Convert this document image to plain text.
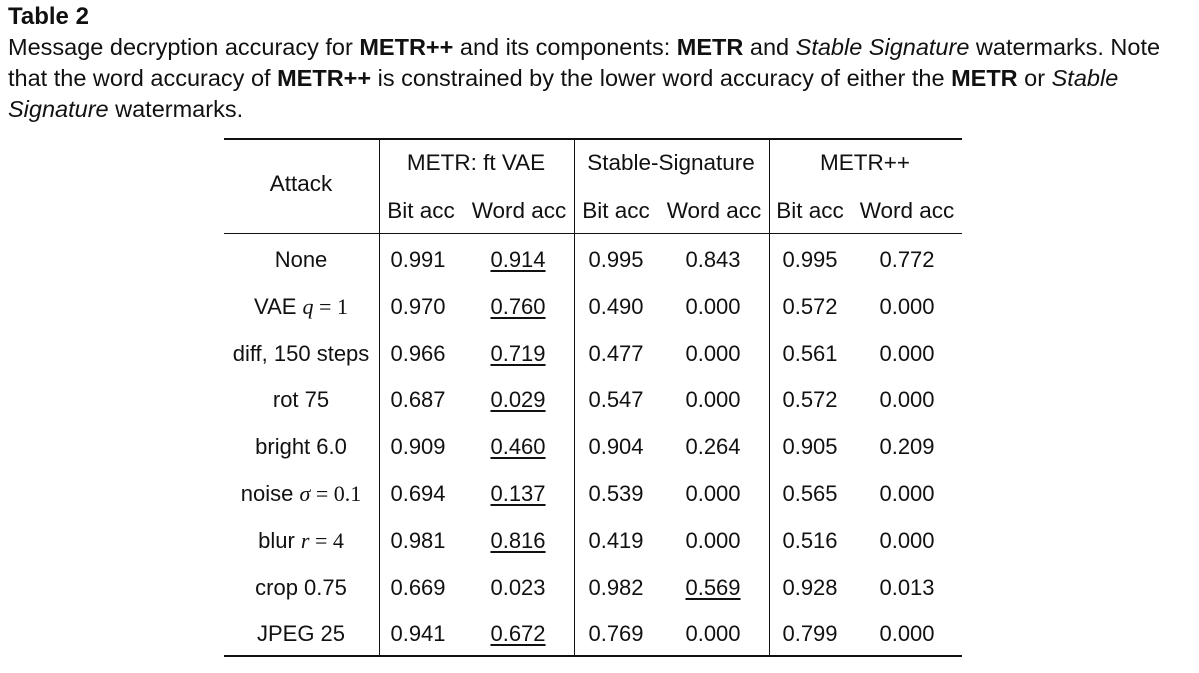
Table 2
Message decryption accuracy for METR++ and its components: METR and Stable Signature watermarks. Note that the word accuracy of METR++ is constrained by the lower word accuracy of either the METR or Stable Signature watermarks.
Attack
METR: ft VAE Stable-Signature	METR++
Bit acc Word acc Bit acc Word acc Bit acc Word acc
None	0.991 0.914 0.995 0.843 0.995 0.772
VAE q = 1 0.970 0.760 0.490 0.000 0.572 0.000
diff, 150 steps 0.966 0.719 0.477 0.000 0.561 0.000
rot 75	0.687 0.029 0.547 0.000 0.572 0.000
bright 6.0 0.909 0.460 0.904 0.264 0.905 0.209
noise σ = 0.1 0.694 0.137 0.539 0.000 0.565 0.000
blur r = 4 0.981 0.816 0.419 0.000 0.516 0.000
crop 0.75 0.669 0.023 0.982 0.569 0.928 0.013
JPEG 25 0.941 0.672 0.769 0.000 0.799 0.000
